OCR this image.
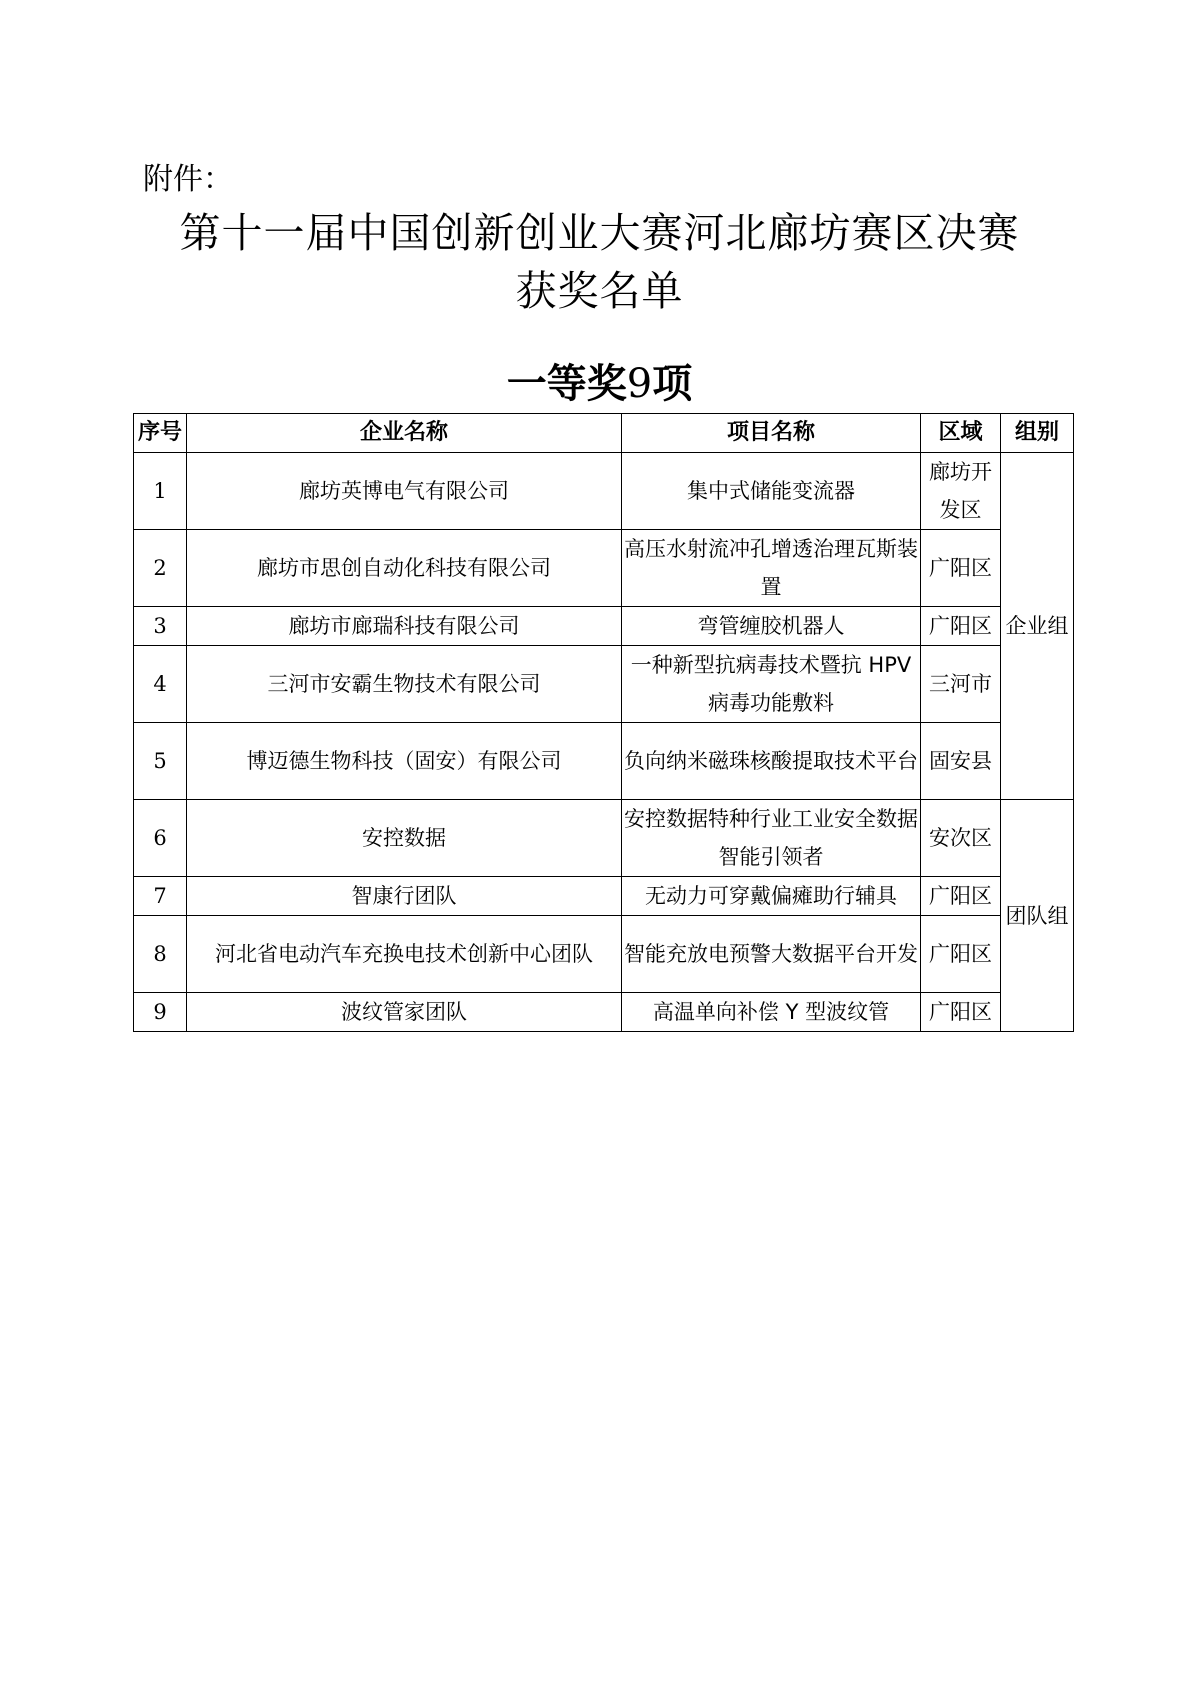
附件：
第十一届中国创新创业大赛河北廊坊赛区决赛
获奖名单
一等奖9项
序号	企业名称	项目名称	区域	组别
1	廊坊英博电气有限公司	集中式储能变流器	廊坊开发区	企业组
2	廊坊市思创自动化科技有限公司	高压水射流冲孔增透治理瓦斯装置	广阳区	
3	廊坊市廊瑞科技有限公司	弯管缠胶机器人	广阳区	
4	三河市安霸生物技术有限公司	一种新型抗病毒技术暨抗 HPV 病毒功能敷料	三河市	
5	博迈德生物科技（固安）有限公司	负向纳米磁珠核酸提取技术平台	固安县	
6	安控数据	安控数据特种行业工业安全数据智能引领者	安次区	团队组
7	智康行团队	无动力可穿戴偏瘫助行辅具	广阳区	
8	河北省电动汽车充换电技术创新中心团队	智能充放电预警大数据平台开发	广阳区	
9	波纹管家团队	高温单向补偿 Y 型波纹管	广阳区	
